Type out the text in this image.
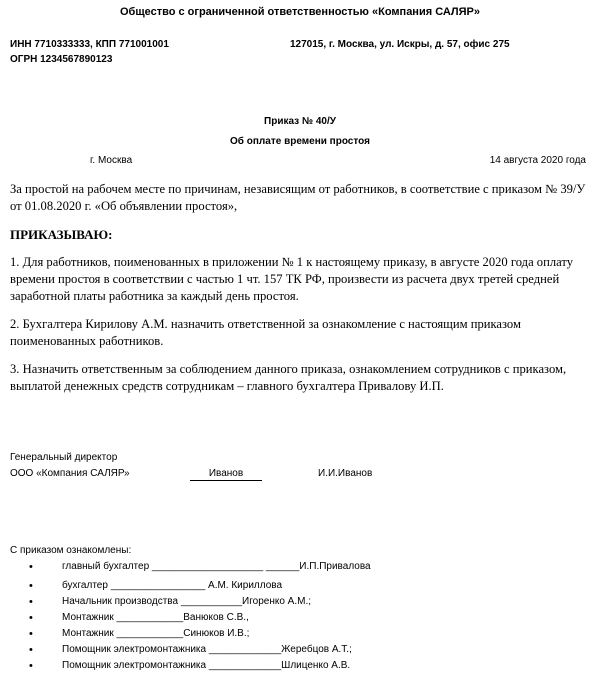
Общество с ограниченной ответственностью «Компания САЛЯР»
ИНН 7710333333, КПП 771001001	127015, г. Москва, ул. Искры, д. 57, офис 275
ОГРН 1234567890123
Приказ № 40/У
Об оплате времени простоя
г. Москва	14 августа 2020 года
За простой на рабочем месте по причинам, независящим от работников, в соответствие с приказом № 39/У от 01.08.2020 г. «Об объявлении простоя»,
ПРИКАЗЫВАЮ:
1. Для работников, поименованных в приложении № 1 к настоящему приказу, в августе 2020 года оплату времени простоя в соответствии с частью 1 чт. 157 ТК РФ, произвести из расчета двух третей средней заработной платы работника за каждый день простоя.
2. Бухгалтера Кирилову А.М. назначить ответственной за ознакомление с настоящим приказом поименованных работников.
3. Назначить ответственным за соблюдением данного приказа, ознакомлением сотрудников с приказом, выплатой денежных средств сотрудникам – главного бухгалтера Привалову И.П.
Генеральный директор
ООО «Компания САЛЯР»	Иванов	И.И.Иванов
С приказом ознакомлены:
•	главный бухгалтер ____________________ ______И.П.Привалова
•	бухгалтер _________________ А.М. Кириллова
•	Начальник производства ___________Игоренко А.М.;
•	Монтажник ____________Ванюков С.В.,
•	Монтажник ____________Синюков И.В.;
•	Помощник электромонтажника _____________Жеребцов А.Т.;
•	Помощник электромонтажника _____________Шлиценко А.В.
